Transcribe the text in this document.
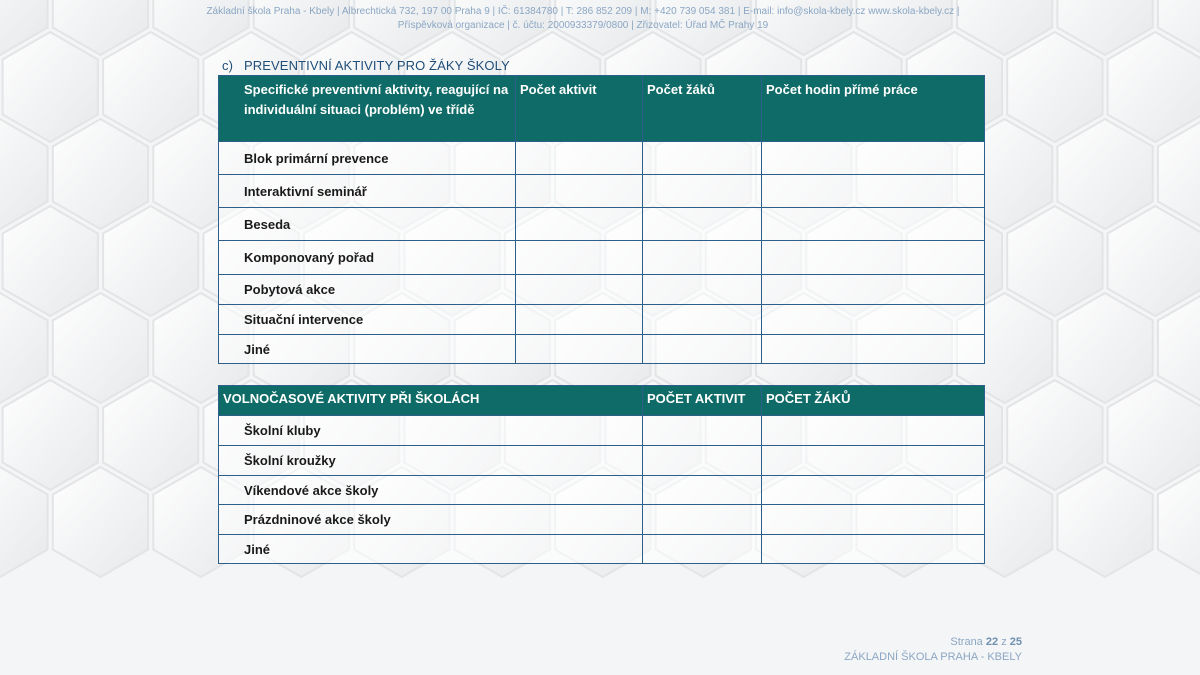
Základní škola Praha - Kbely | Albrechtická 732, 197 00 Praha 9 | IČ: 61384780 | T: 286 852 209 | M: +420 739 054 381 | E-mail: info@skola-kbely.cz www.skola-kbely.cz |
Příspěvková organizace | č. účtu: 2000933379/0800 | Zřizovatel: Úřad MČ Prahy 19
c) PREVENTIVNÍ AKTIVITY PRO ŽÁKY ŠKOLY
Specifické preventivní aktivity, reagující na individuální situaci (problém) ve třídě	Počet aktivit	Počet žáků	Počet hodin přímé práce
Blok primární prevence			
Interaktivní seminář			
Beseda			
Komponovaný pořad			
Pobytová akce			
Situační intervence			
Jiné			
VOLNOČASOVÉ AKTIVITY PŘI ŠKOLÁCH	POČET AKTIVIT	POČET ŽÁKŮ
Školní kluby		
Školní kroužky		
Víkendové akce školy		
Prázdninové akce školy		
Jiné		
Strana 22 z 25
ZÁKLADNÍ ŠKOLA PRAHA - KBELY
